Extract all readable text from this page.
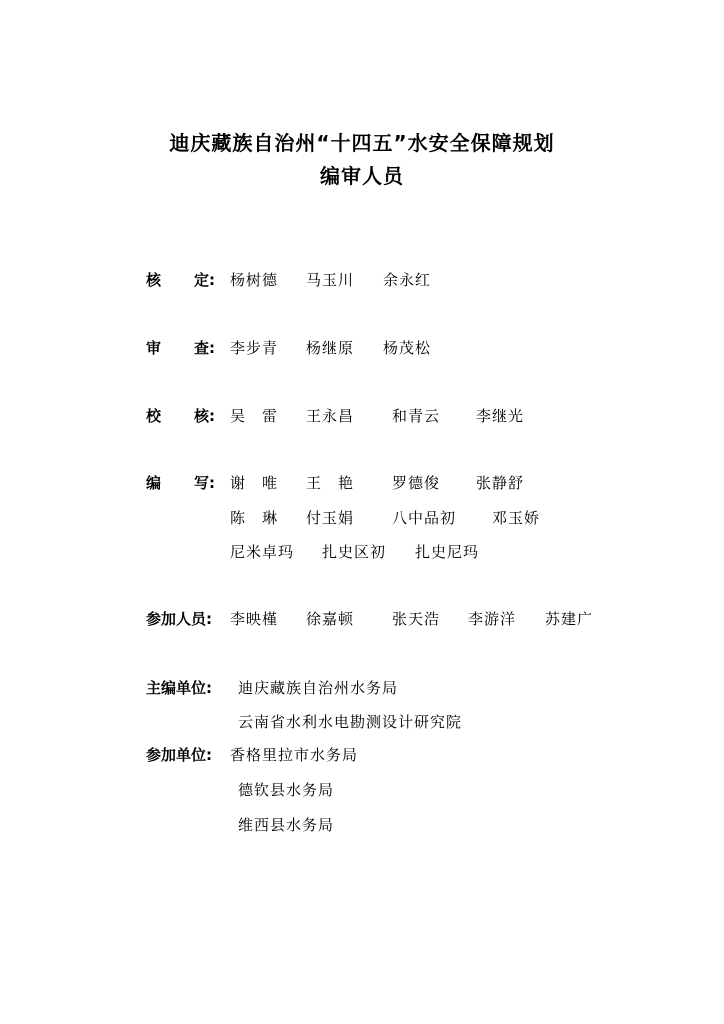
迪庆藏族自治州“十四五”水安全保障规划
编审人员
核 定: 杨树德 马玉川 余永红
审 查: 李步青 杨继原 杨茂松
校 核: 吴　雷 王永昌	和青云 李继光
编 写: 谢　唯 王　艳	罗德俊 张静舒
陈　琳 付玉娟	八中品初 邓玉娇
尼米卓玛 扎史区初 扎史尼玛
参加人员: 李映槿 徐嘉顿	张天浩 李游洋 苏建广
主编单位: 迪庆藏族自治州水务局
云南省水利水电勘测设计研究院
参加单位: 香格里拉市水务局
德钦县水务局
维西县水务局
